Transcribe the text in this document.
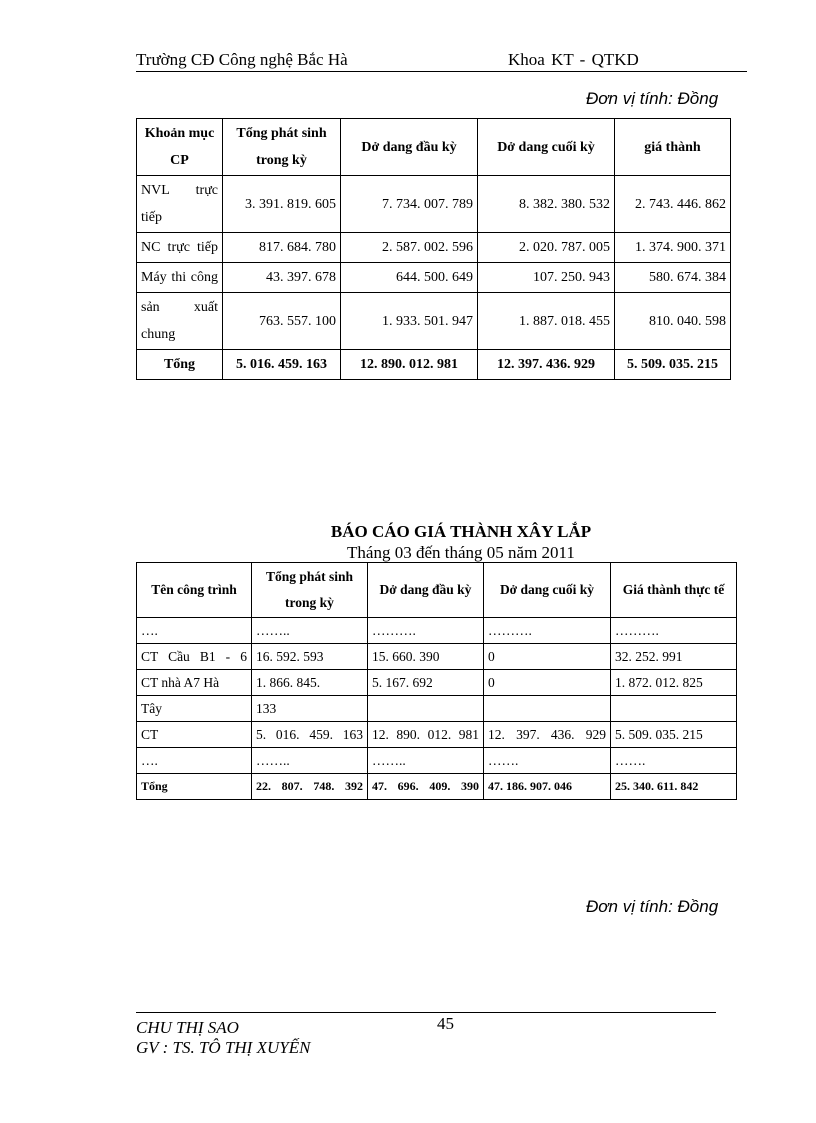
Trường CĐ Công nghệ Bắc Hà	Khoa KT - QTKD
Đơn vị tính: Đồng
Khoản mục CP	Tổng phát sinh trong kỳ	Dở dang đầu kỳ	Dở dang cuối kỳ	giá thành
NVL trực tiếp	3. 391. 819. 605	7. 734. 007. 789	8. 382. 380. 532	2. 743. 446. 862
NC trực tiếp	817. 684. 780	2. 587. 002. 596	2. 020. 787. 005	1. 374. 900. 371
Máy thi công	43. 397. 678	644. 500. 649	107. 250. 943	580. 674. 384
sản xuất chung	763. 557. 100	1. 933. 501. 947	1. 887. 018. 455	810. 040. 598
Tổng	5. 016. 459. 163	12. 890. 012. 981	12. 397. 436. 929	5. 509. 035. 215
BÁO CÁO GIÁ THÀNH XÂY LẮP
Tháng 03 đến tháng 05 năm 2011
Tên công trình	Tổng phát sinh trong kỳ	Dở dang đầu kỳ	Dở dang cuối kỳ	Giá thành thực tế
….	……..	……….	……….	……….
CT Cầu B1 - 6	16. 592. 593	15. 660. 390	0	32. 252. 991
CT nhà A7 Hà	1. 866. 845.	5. 167. 692	0	1. 872. 012. 825
Tây	133			
CT	5. 016. 459. 163	12. 890. 012. 981	12. 397. 436. 929	5. 509. 035. 215
….	……..	……..	…….	…….
Tổng	22. 807. 748. 392	47. 696. 409. 390	47. 186. 907. 046	25. 340. 611. 842
Đơn vị tính: Đồng
45
CHU THỊ SAO
GV : TS. TÔ THỊ XUYẾN
